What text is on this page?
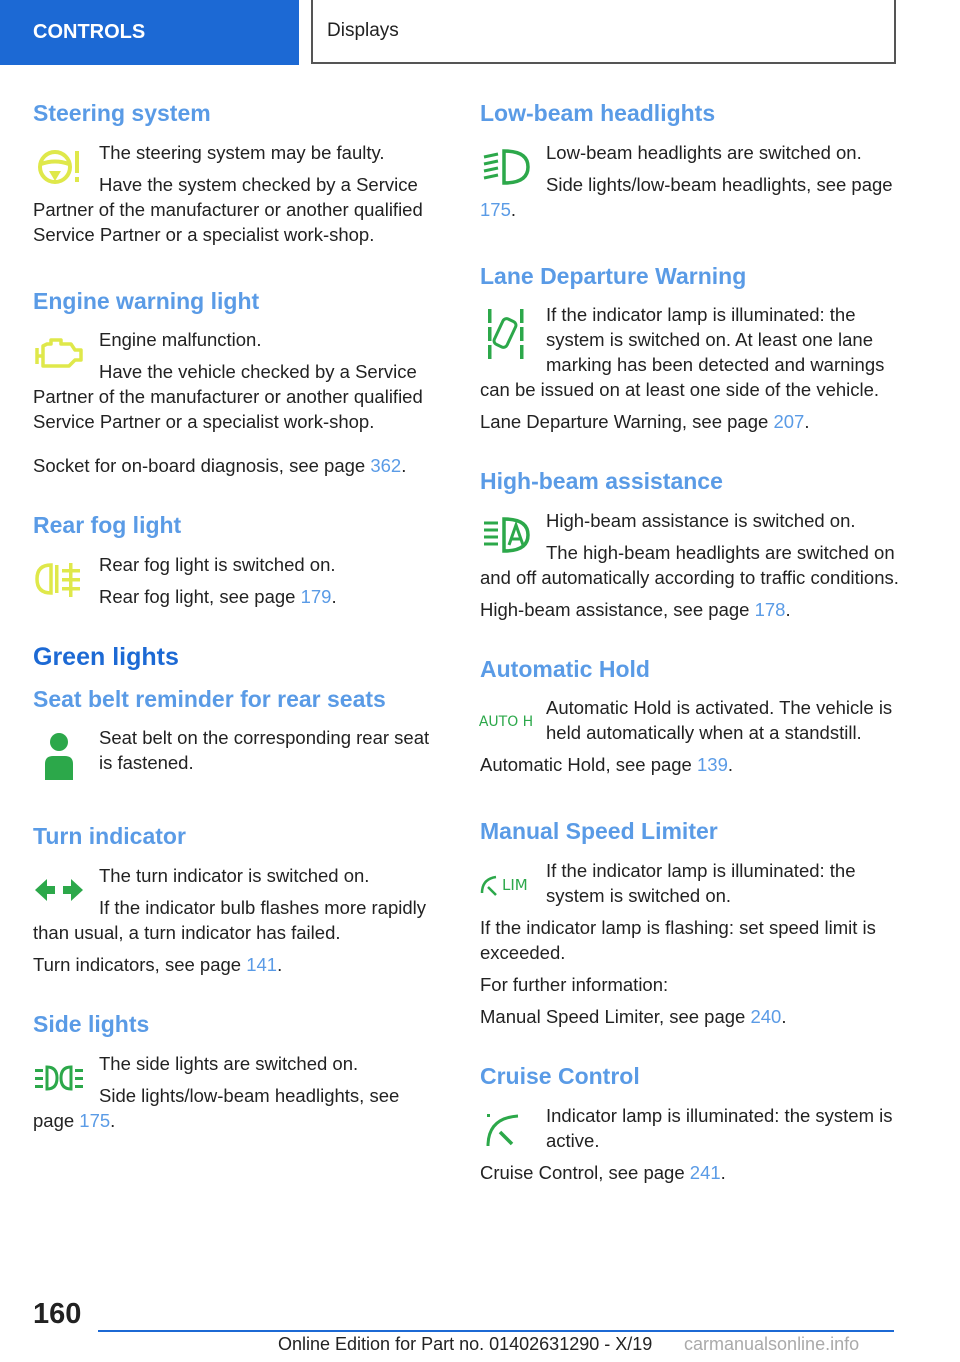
CONTROLS	Displays
Steering system

The steering system may be faulty.

Have the system checked by a Service Partner of the manufacturer or another qualified Service Partner or a specialist work-shop.

Engine warning light

Engine malfunction.

Have the vehicle checked by a Service Partner of the manufacturer or another qualified Service Partner or a specialist work-shop.

Socket for on-board diagnosis, see page 362.

Rear fog light

Rear fog light is switched on.

Rear fog light, see page 179.

Green lights
Seat belt reminder for rear seats

Seat belt on the corresponding rear seat is fastened.

Turn indicator

The turn indicator is switched on.

If the indicator bulb flashes more rapidly than usual, a turn indicator has failed.

Turn indicators, see page 141.

Side lights

The side lights are switched on.

Side lights/low-beam headlights, see page 175.

Low-beam headlights

Low-beam headlights are switched on.

Side lights/low-beam headlights, see page 175.

Lane Departure Warning

If the indicator lamp is illuminated: the system is switched on. At least one lane marking has been detected and warnings can be issued on at least one side of the vehicle.

Lane Departure Warning, see page 207.

High-beam assistance

High-beam assistance is switched on.

The high-beam headlights are switched on and off automatically according to traffic conditions.

High-beam assistance, see page 178.

Automatic Hold
AUTO H

Automatic Hold is activated. The vehicle is held automatically when at a standstill.

Automatic Hold, see page 139.

Manual Speed Limiter
LIM

If the indicator lamp is illuminated: the system is switched on.

If the indicator lamp is flashing: set speed limit is exceeded.

For further information:

Manual Speed Limiter, see page 240.

Cruise Control

Indicator lamp is illuminated: the system is active.

Cruise Control, see page 241.

160
Online Edition for Part no. 01402631290 - X/19 carmanualsonline.info
